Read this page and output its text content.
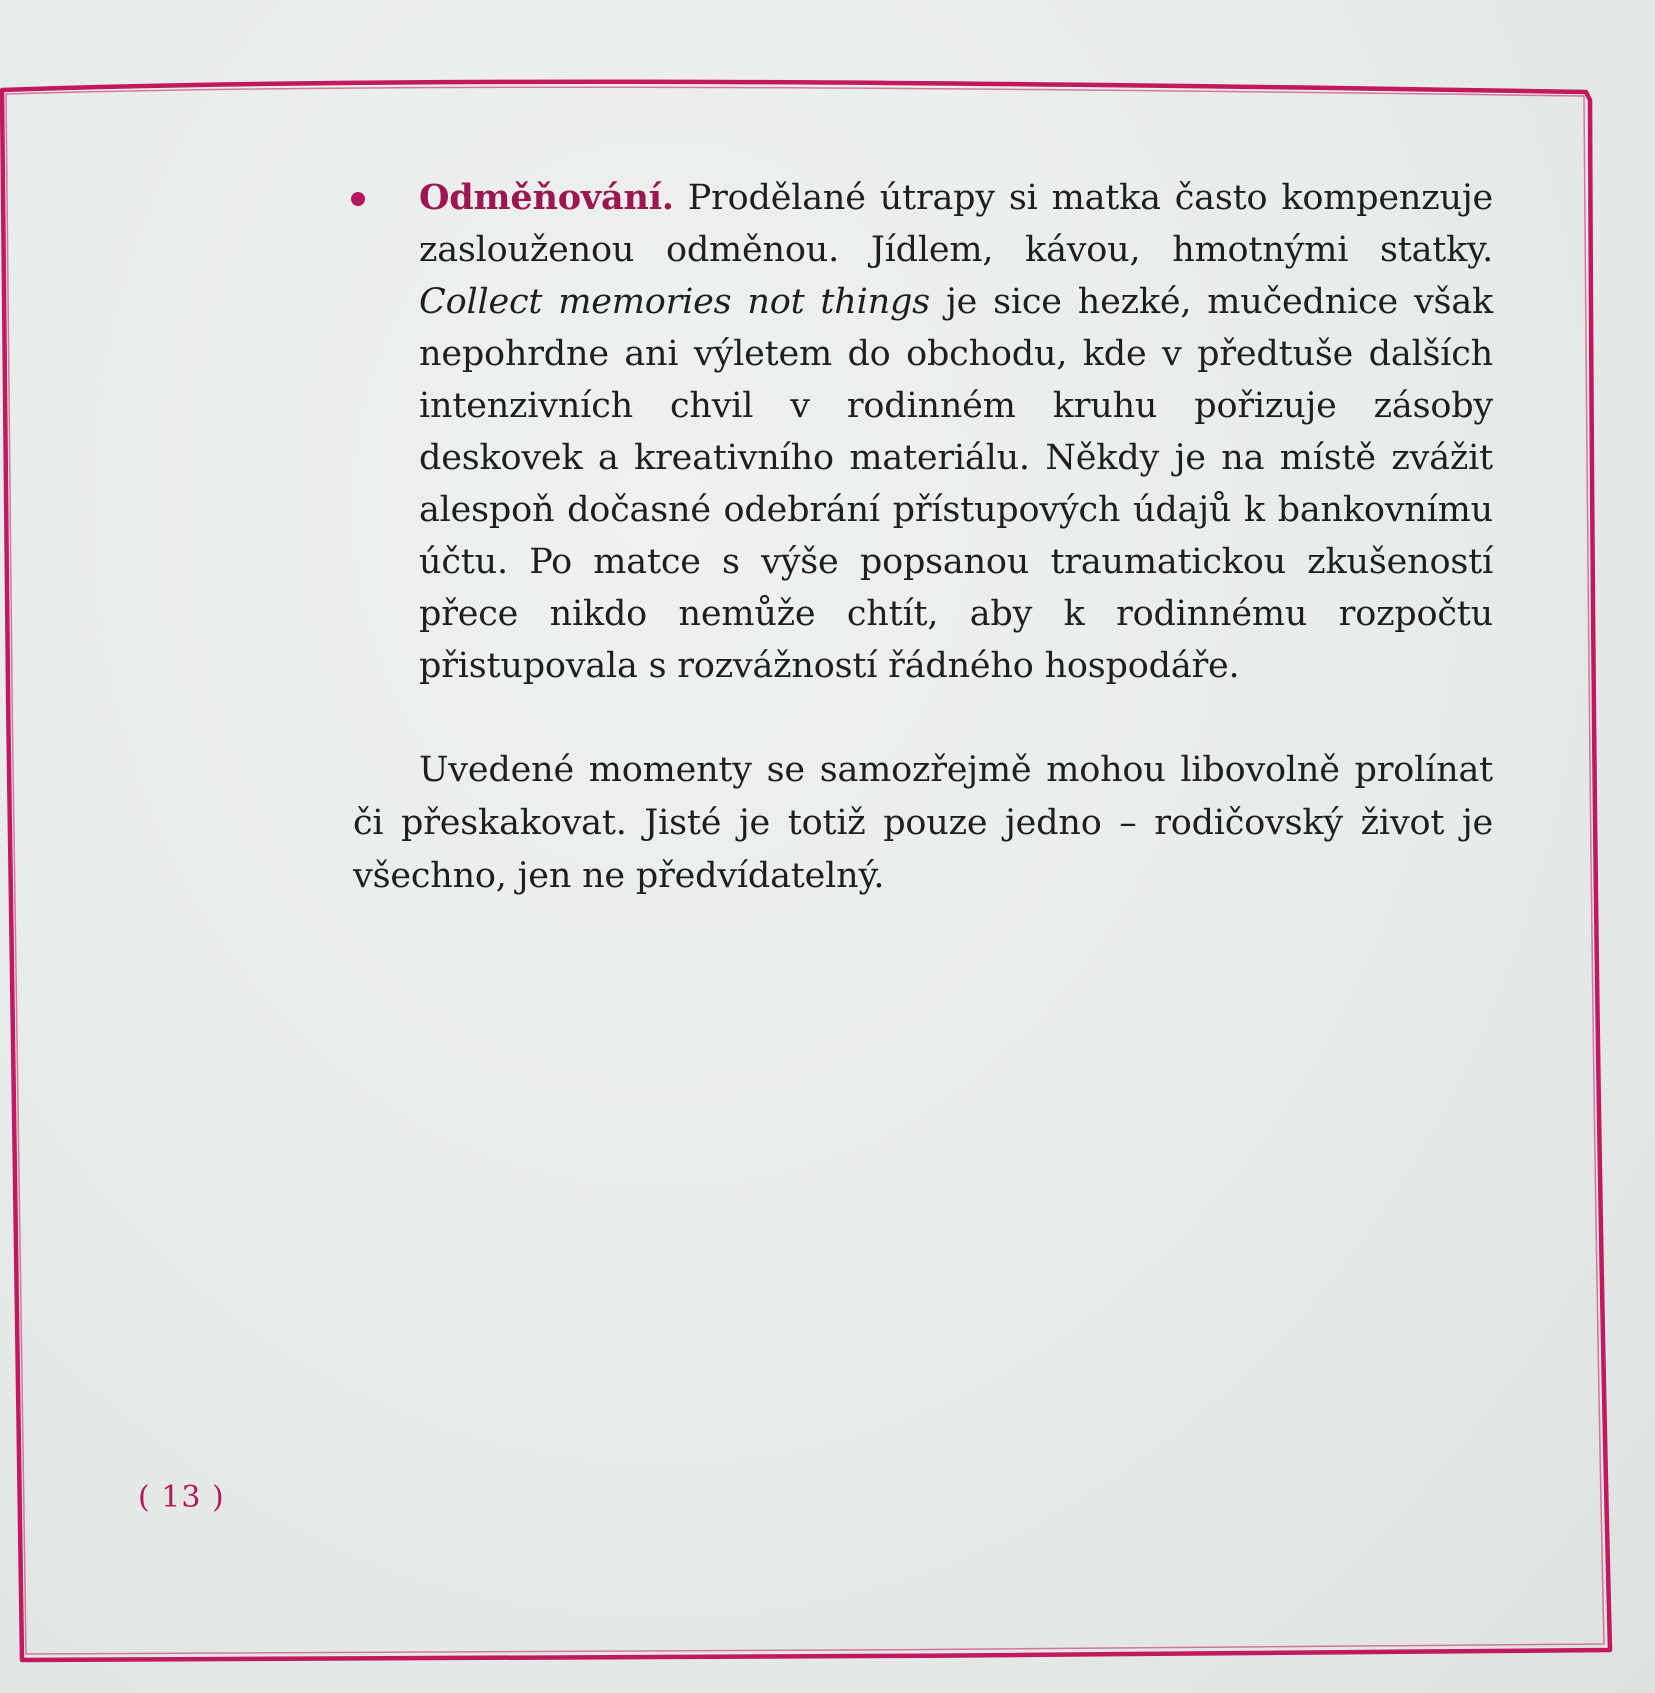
Odměňování. Prodělané útrapy si matka často kompenzuje zaslouženou odměnou. Jídlem, kávou, hmotnými statky. Collect memories not things je sice hezké, mučednice však nepohrdne ani výletem do obchodu, kde v předtuše dalších intenzivních chvil v rodinném kruhu pořizuje zásoby deskovek a kreativního materiálu. Někdy je na místě zvážit alespoň dočasné odebrání přístupových údajů k bankovnímu účtu. Po matce s výše popsanou traumatickou zkušeností přece nikdo nemůže chtít, aby k rodinnému rozpočtu přistupovala s rozvážností řádného hospodáře.

Uvedené momenty se samozřejmě mohou libovolně prolínat či přeskakovat. Jisté je totiž pouze jedno – rodičovský život je všechno, jen ne předvídatelný.

( 13 )
